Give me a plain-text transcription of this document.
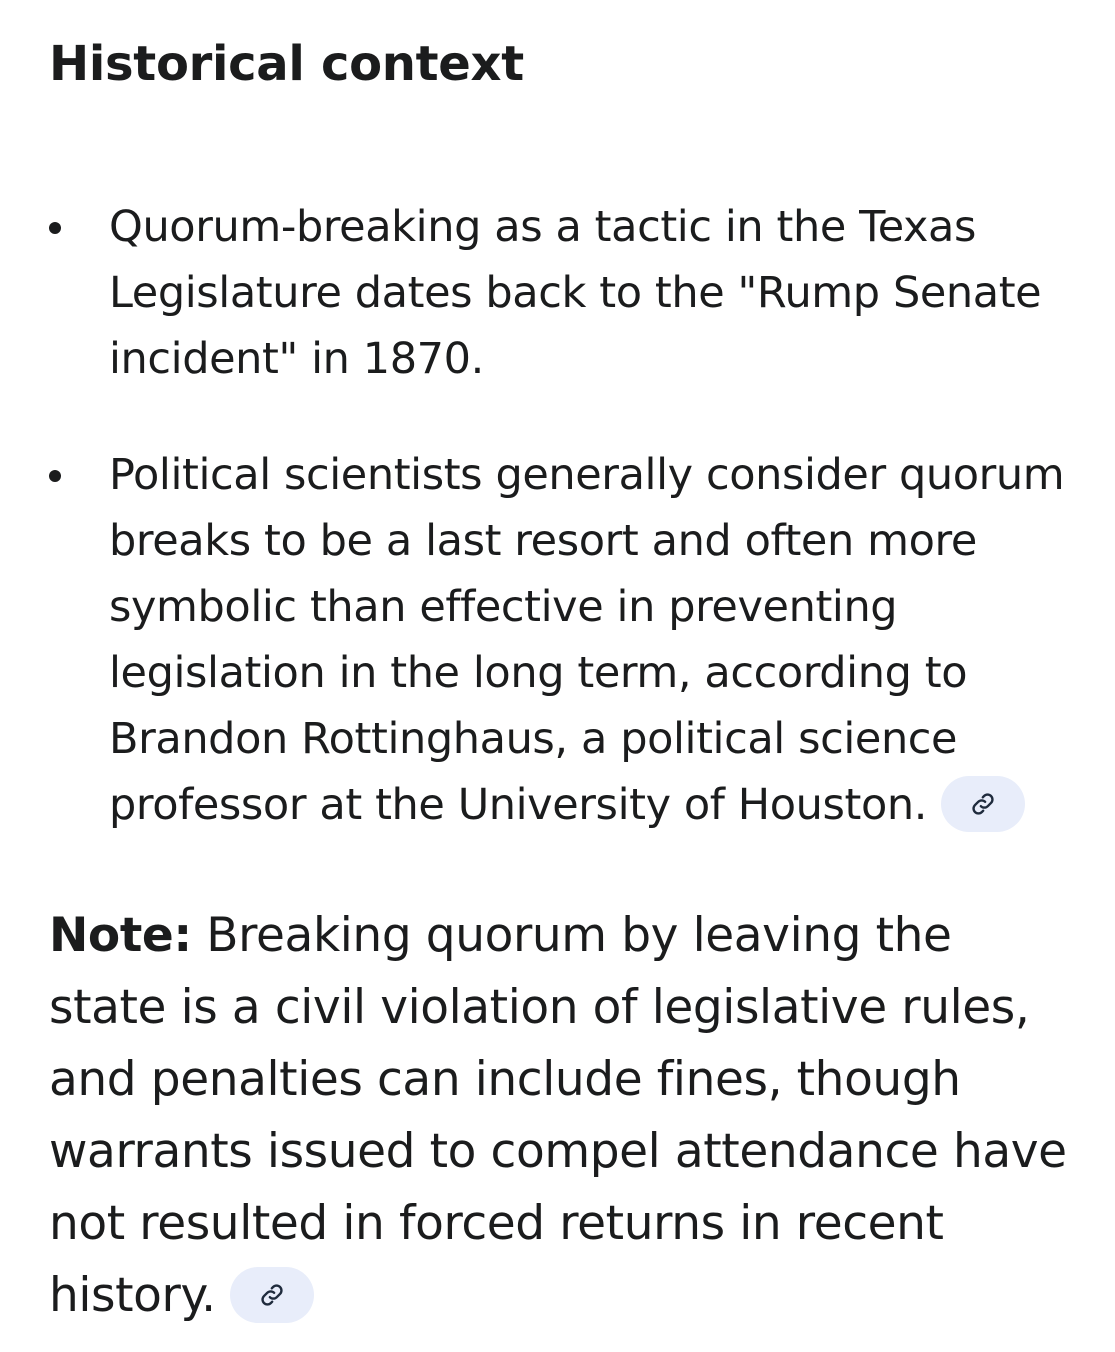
Historical context
Quorum-breaking as a tactic in the Texas Legislature dates back to the "Rump Senate incident" in 1870.
Political scientists generally consider quorum breaks to be a last resort and often more symbolic than effective in preventing legislation in the long term, according to Brandon Rottinghaus, a political science professor at the University of Houston.

Note: Breaking quorum by leaving the state is a civil violation of legislative rules, and penalties can include fines, though warrants issued to compel attendance have not resulted in forced returns in recent history.
